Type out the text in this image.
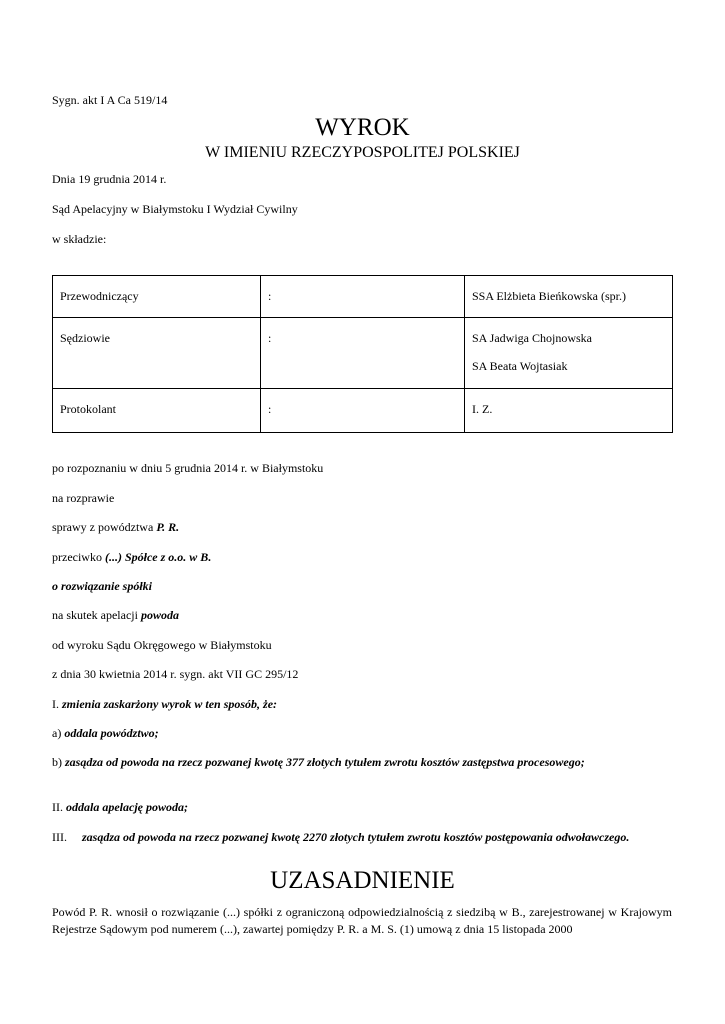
Sygn. akt I A Ca 519/14
WYROK
W IMIENIU RZECZYPOSPOLITEJ POLSKIEJ
Dnia 19 grudnia 2014 r.
Sąd Apelacyjny w Białymstoku I Wydział Cywilny
w składzie:
Przewodniczący	:	SSA Elżbieta Bieńkowska (spr.)
Sędziowie	:	SA Jadwiga Chojnowska
SA Beata Wojtasiak

Protokolant	:	I. Z.
po rozpoznaniu w dniu 5 grudnia 2014 r. w Białymstoku
na rozprawie
sprawy z powództwa P. R.
przeciwko (...) Spółce z o.o. w B.
o rozwiązanie spółki
na skutek apelacji powoda
od wyroku Sądu Okręgowego w Białymstoku
z dnia 30 kwietnia 2014 r. sygn. akt VII GC 295/12
I. zmienia zaskarżony wyrok w ten sposób, że:
a) oddala powództwo;
b) zasądza od powoda na rzecz pozwanej kwotę 377 złotych tytułem zwrotu kosztów zastępstwa procesowego;
II. oddala apelację powoda;
III.     zasądza od powoda na rzecz pozwanej kwotę 2270 złotych tytułem zwrotu kosztów postępowania odwoławczego.
UZASADNIENIE
Powód P. R. wnosił o rozwiązanie (...) spółki z ograniczoną odpowiedzialnością z siedzibą w B., zarejestrowanej w Krajowym Rejestrze Sądowym pod numerem (...), zawartej pomiędzy P. R. a M. S. (1) umową z dnia 15 listopada 2000
